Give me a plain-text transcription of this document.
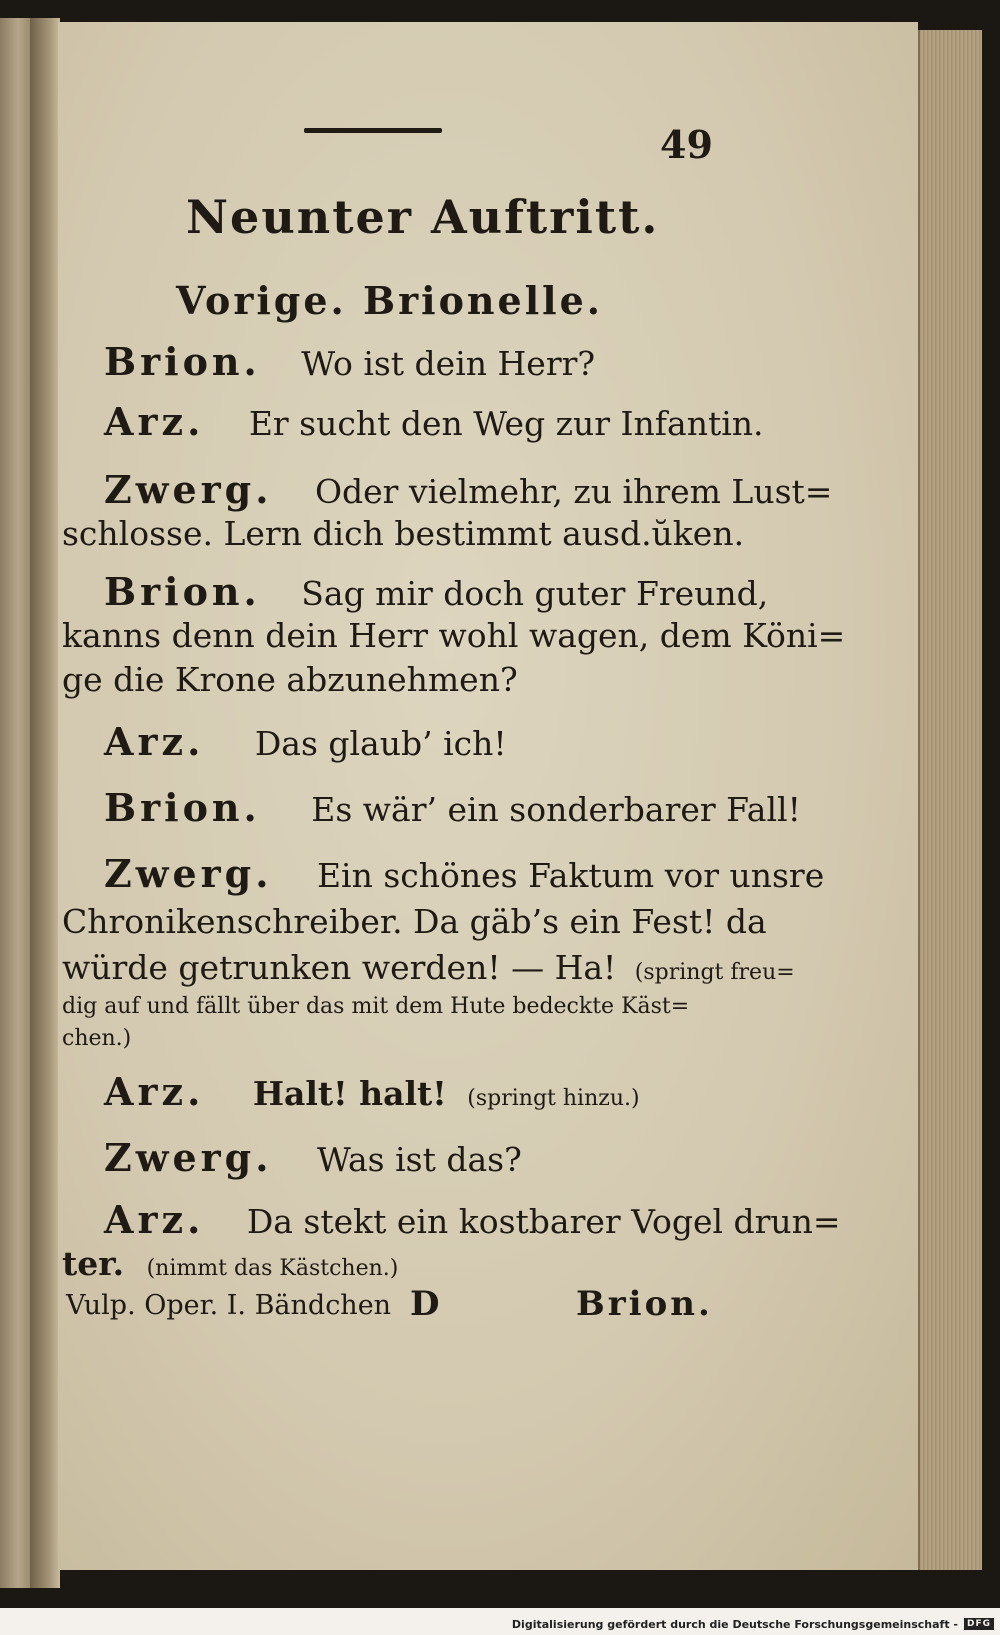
49
Neunter Auftritt.
Vorige. Brionelle.
Brion. Wo ist dein Herr?
Arz. Er sucht den Weg zur Infantin.
Zwerg. Oder vielmehr, zu ihrem Lust=
schlosse. Lern dich bestimmt ausd.ŭken.
Brion. Sag mir doch guter Freund,
kanns denn dein Herr wohl wagen, dem Köni=
ge die Krone abzunehmen?
Arz. Das glaub’ ich!
Brion. Es wär’ ein sonderbarer Fall!
Zwerg. Ein schönes Faktum vor unsre
Chronikenschreiber. Da gäb’s ein Fest! da
würde getrunken werden! — Ha! (springt freu=
dig auf und fällt über das mit dem Hute bedeckte Käst=
chen.)
Arz. Halt! halt! (springt hinzu.)
Zwerg. Was ist das?
Arz. Da stekt ein kostbarer Vogel drun=
ter. (nimmt das Kästchen.)
Vulp. Oper. I. Bändchen D	Brion.
Digitalisierung gefördert durch die Deutsche Forschungsgemeinschaft -	DFG
